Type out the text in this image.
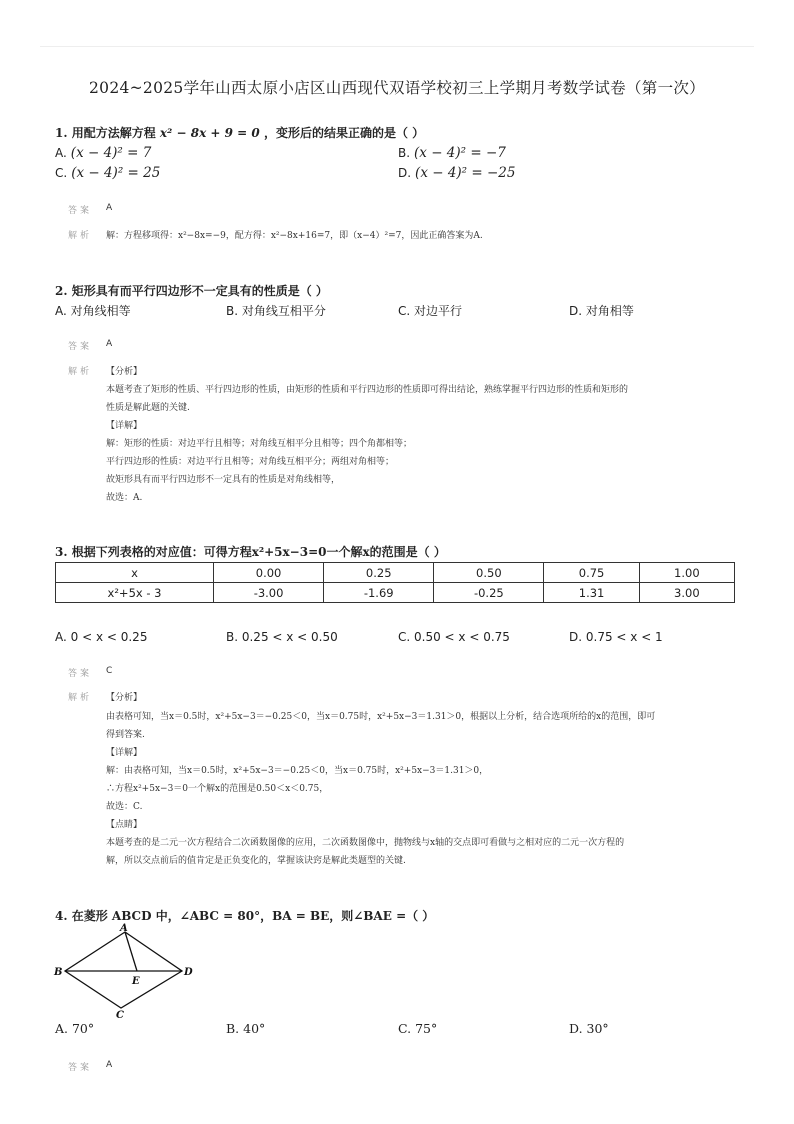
2024~2025学年山西太原小店区山西现代双语学校初三上学期月考数学试卷（第一次）
1. 用配方法解方程 x² − 8x + 9 = 0 ，变形后的结果正确的是（ ）
A. (x − 4)² = 7	B. (x − 4)² = −7
C. (x − 4)² = 25	D. (x − 4)² = −25
答案 A
解析 解：方程移项得：x²−8x=−9，配方得：x²−8x+16=7，即（x−4）²=7，因此正确答案为A.
2. 矩形具有而平行四边形不一定具有的性质是（ ）
A. 对角线相等	B. 对角线互相平分	C. 对边平行	D. 对角相等
答案 A
解析 【分析】
本题考查了矩形的性质、平行四边形的性质，由矩形的性质和平行四边形的性质即可得出结论，熟练掌握平行四边形的性质和矩形的
性质是解此题的关键.
【详解】
解：矩形的性质：对边平行且相等；对角线互相平分且相等；四个角都相等；
平行四边形的性质：对边平行且相等；对角线互相平分；两组对角相等；
故矩形具有而平行四边形不一定具有的性质是对角线相等，
故选：A.
3. 根据下列表格的对应值：可得方程x²+5x−3=0一个解x的范围是（ ）
x	0.00	0.25	0.50	0.75	1.00
x²+5x - 3	-3.00	-1.69	-0.25	1.31	3.00
A. 0 < x < 0.25	B. 0.25 < x < 0.50	C. 0.50 < x < 0.75	D. 0.75 < x < 1
答案 C
解析 【分析】
由表格可知，当x＝0.5时，x²+5x−3＝−0.25＜0，当x＝0.75时，x²+5x−3＝1.31＞0，根据以上分析，结合选项所给的x的范围，即可
得到答案.
【详解】
解：由表格可知，当x＝0.5时，x²+5x−3＝−0.25＜0，当x＝0.75时，x²+5x−3＝1.31＞0，
∴方程x²+5x−3＝0一个解x的范围是0.50＜x＜0.75，
故选：C.
【点睛】
本题考查的是二元一次方程结合二次函数图像的应用，二次函数图像中，抛物线与x轴的交点即可看做与之相对应的二元一次方程的
解，所以交点前后的值肯定是正负变化的，掌握该诀窍是解此类题型的关键.
4. 在菱形 ABCD 中，∠ABC = 80°，BA = BE，则∠BAE =（ ）
A
B	D
E
C
A. 70°	B. 40°	C. 75°	D. 30°
答案 A
